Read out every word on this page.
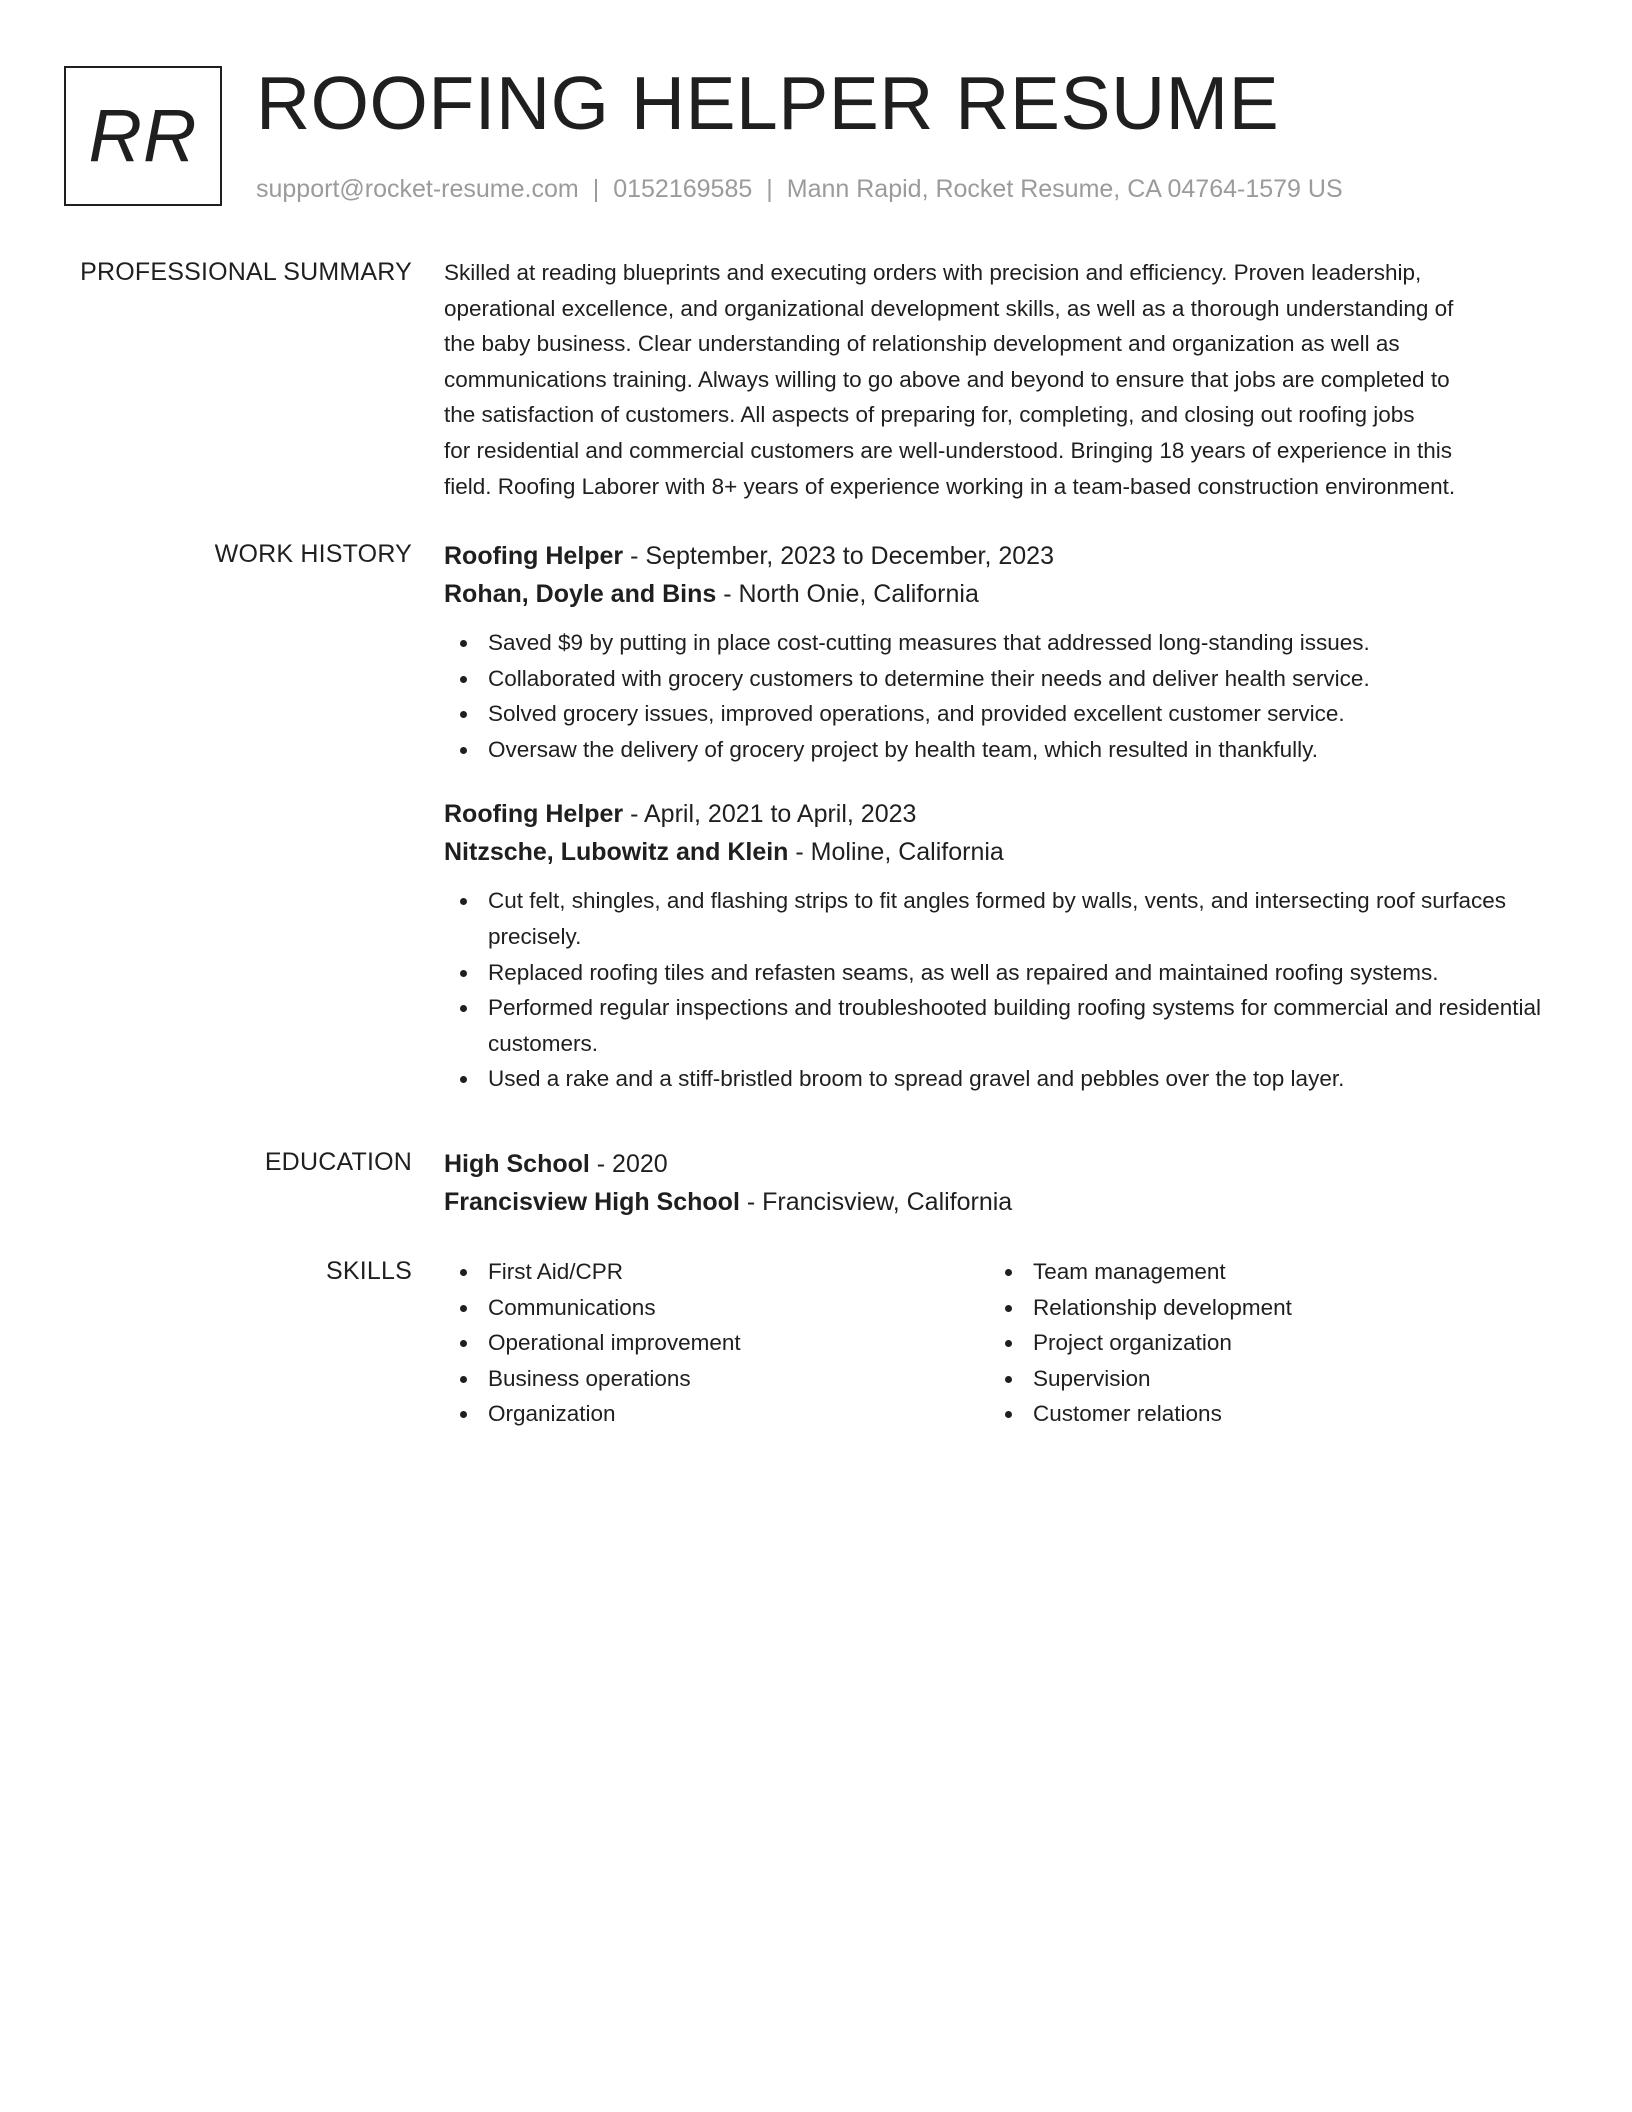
RR ROOFING HELPER RESUME
support@rocket-resume.com | 0152169585 | Mann Rapid, Rocket Resume, CA 04764-1579 US
PROFESSIONAL SUMMARY Skilled at reading blueprints and executing orders with precision and efficiency. Proven leadership,
operational excellence, and organizational development skills, as well as a thorough understanding of
the baby business. Clear understanding of relationship development and organization as well as
communications training. Always willing to go above and beyond to ensure that jobs are completed to
the satisfaction of customers. All aspects of preparing for, completing, and closing out roofing jobs
for residential and commercial customers are well-understood. Bringing 18 years of experience in this
field. Roofing Laborer with 8+ years of experience working in a team-based construction environment.

WORK HISTORY Roofing Helper - September, 2023 to December, 2023
Rohan, Doyle and Bins - North Onie, California
Saved $9 by putting in place cost-cutting measures that addressed long-standing issues.
Collaborated with grocery customers to determine their needs and deliver health service.
Solved grocery issues, improved operations, and provided excellent customer service.
Oversaw the delivery of grocery project by health team, which resulted in thankfully.
Roofing Helper - April, 2021 to April, 2023
Nitzsche, Lubowitz and Klein - Moline, California
Cut felt, shingles, and flashing strips to fit angles formed by walls, vents, and intersecting roof surfaces precisely.
Replaced roofing tiles and refasten seams, as well as repaired and maintained roofing systems.
Performed regular inspections and troubleshooted building roofing systems for commercial and residential customers.
Used a rake and a stiff-bristled broom to spread gravel and pebbles over the top layer.
EDUCATION High School - 2020
Francisview High School - Francisview, California
SKILLS	First Aid/CPR
Communications
Operational improvement
Business operations
Organization
Team management
Relationship development
Project organization
Supervision
Customer relations
